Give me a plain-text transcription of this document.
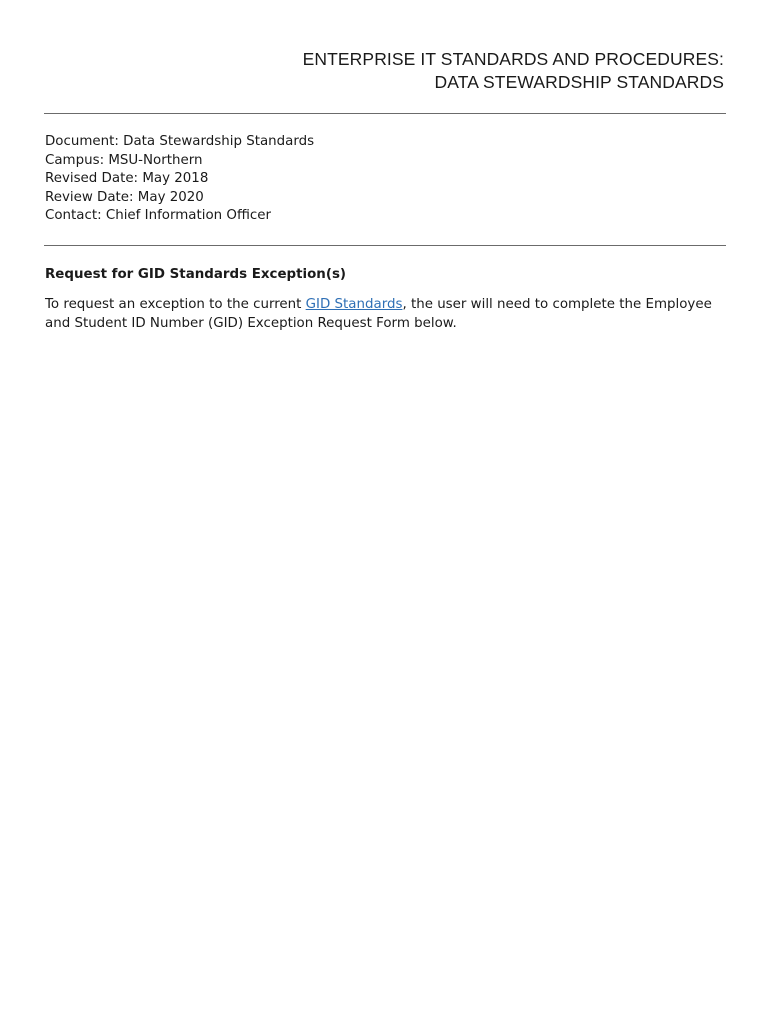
ENTERPRISE IT STANDARDS AND PROCEDURES:
DATA STEWARDSHIP STANDARDS
Document: Data Stewardship Standards
Campus: MSU-Northern
Revised Date: May 2018
Review Date: May 2020
Contact: Chief Information Officer
Request for GID Standards Exception(s)
To request an exception to the current GID Standards, the user will need to complete the Employee and Student ID Number (GID) Exception Request Form below.
